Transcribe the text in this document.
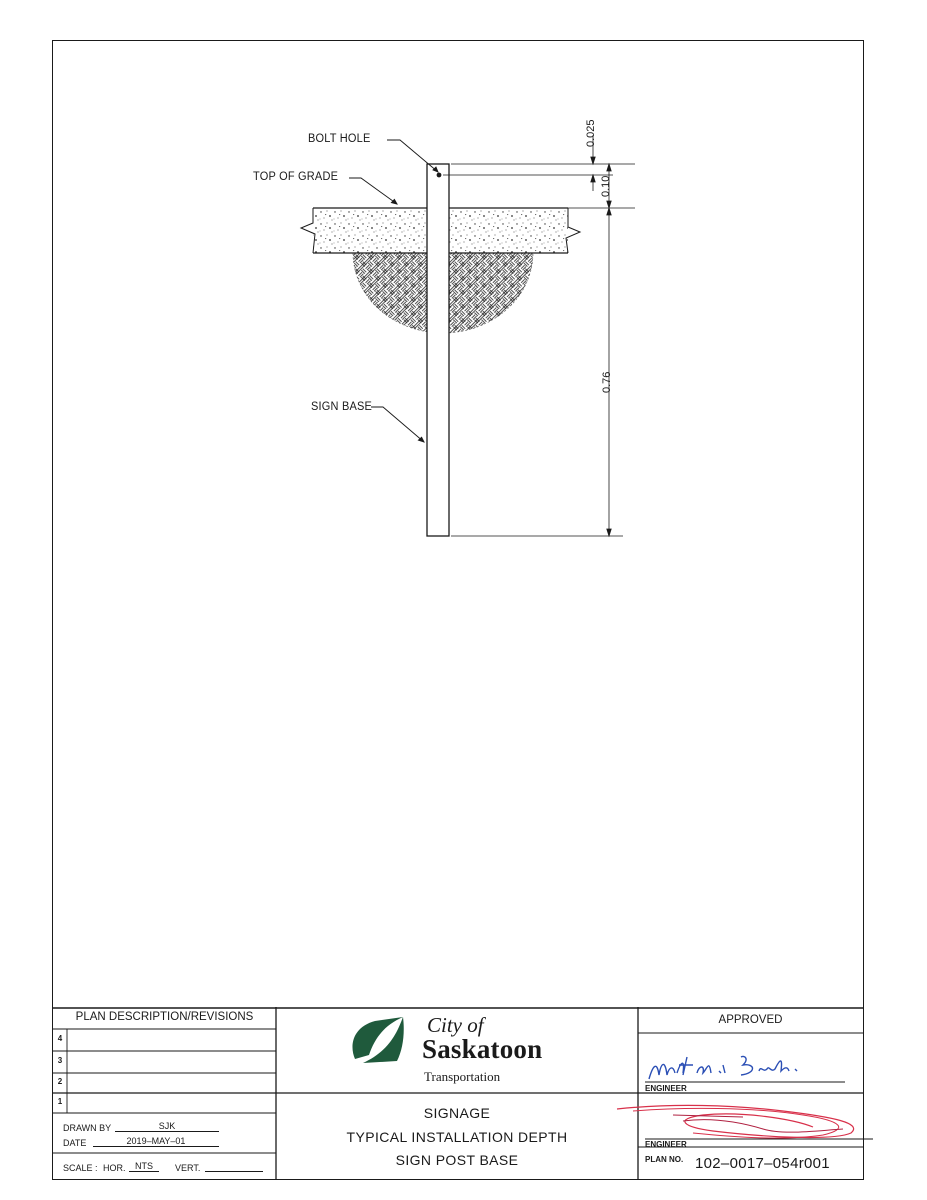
BOLT HOLE
TOP OF GRADE
SIGN BASE
0.025
0.10
0.76
PLAN DESCRIPTION/REVISIONS
4
3
2
1
DRAWN BY	SJK
DATE	2019–MAY–01
SCALE : HOR.	NTS	VERT.
City of
Saskatoon
Transportation
SIGNAGE
TYPICAL INSTALLATION DEPTH
SIGN POST BASE
APPROVED
ENGINEER
ENGINEER
PLAN NO. 102–0017–054r001
